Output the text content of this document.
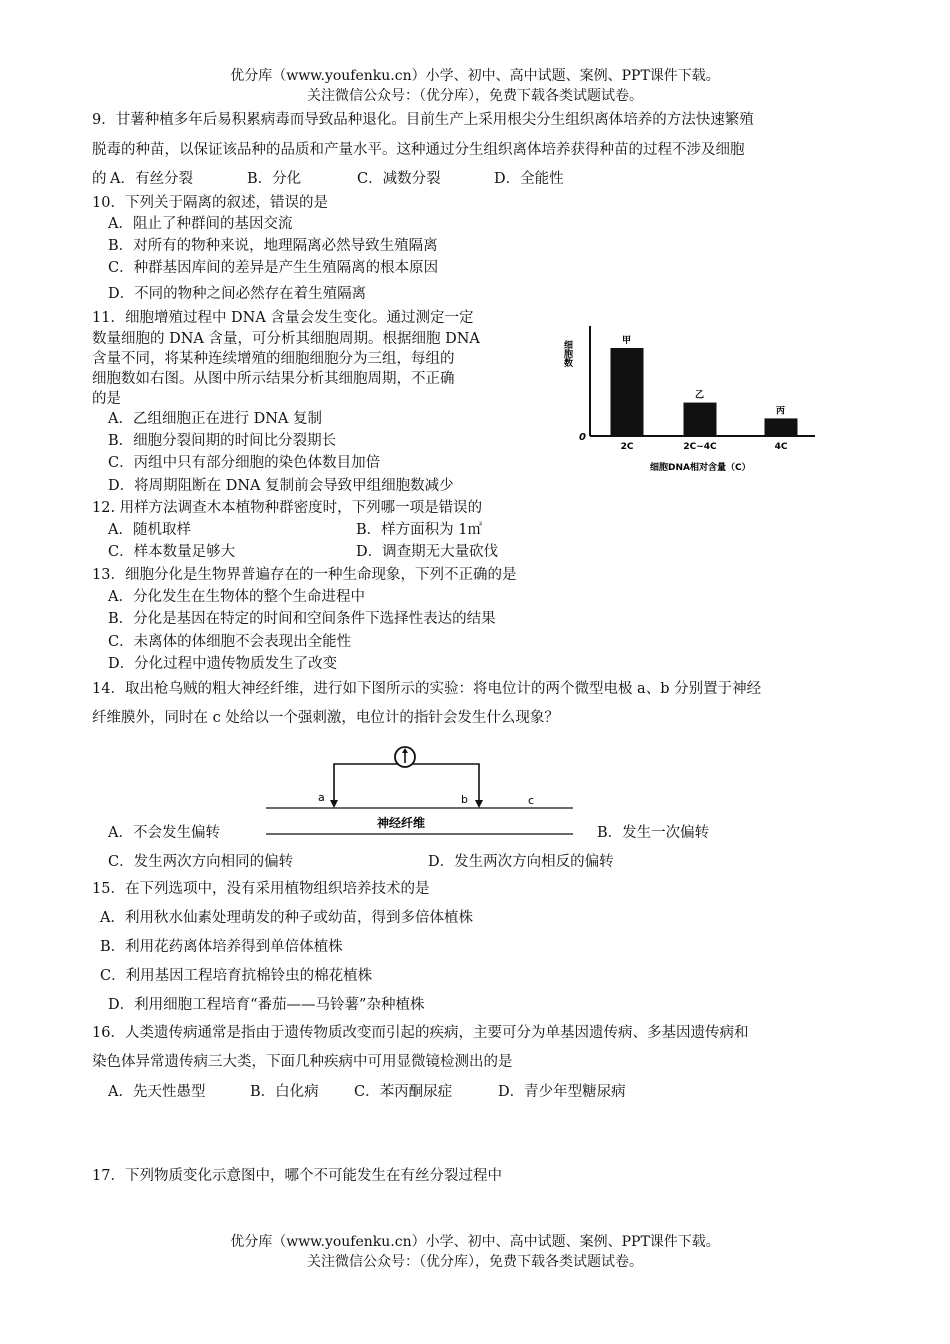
优分库（www.youfenku.cn）小学、初中、高中试题、案例、PPT课件下载。
关注微信公众号：（优分库），免费下载各类试题试卷。
9．甘薯种植多年后易积累病毒而导致品种退化。目前生产上采用根尖分生组织离体培养的方法快速繁殖
脱毒的种苗，以保证该品种的品质和产量水平。这种通过分生组织离体培养获得种苗的过程不涉及细胞
的 A．有丝分裂	B．分化	C．减数分裂	D．全能性
10．下列关于隔离的叙述，错误的是
A．阻止了种群间的基因交流
B．对所有的物种来说，地理隔离必然导致生殖隔离
C．种群基因库间的差异是产生生殖隔离的根本原因
D．不同的物种之间必然存在着生殖隔离
11．细胞增殖过程中 DNA 含量会发生变化。通过测定一定
数量细胞的 DNA 含量，可分析其细胞周期。根据细胞 DNA
含量不同，将某种连续增殖的细胞细胞分为三组，每组的
细胞数如右图。从图中所示结果分析其细胞周期，不正确
的是
A．乙组细胞正在进行 DNA 复制
B．细胞分裂间期的时间比分裂期长
C．丙组中只有部分细胞的染色体数目加倍
D．将周期阻断在 DNA 复制前会导致甲组细胞数减少
细胞数
0
甲
2C
乙
2C~4C
丙
4C
细胞DNA相对含量（C）
12. 用样方法调查木本植物种群密度时，下列哪一项是错误的
A．随机取样	B．样方面积为 1㎡
C．样本数量足够大	D．调查期无大量砍伐
13．细胞分化是生物界普遍存在的一种生命现象，下列不正确的是
A．分化发生在生物体的整个生命进程中
B．分化是基因在特定的时间和空间条件下选择性表达的结果
C．未离体的体细胞不会表现出全能性
D．分化过程中遗传物质发生了改变
14．取出枪乌贼的粗大神经纤维，进行如下图所示的实验：将电位计的两个微型电极 a、b 分别置于神经
纤维膜外，同时在 c 处给以一个强刺激，电位计的指针会发生什么现象？
a	b	c
神经纤维
A．不会发生偏转	B．发生一次偏转
C．发生两次方向相同的偏转	D．发生两次方向相反的偏转
15．在下列选项中，没有采用植物组织培养技术的是
A．利用秋水仙素处理萌发的种子或幼苗，得到多倍体植株
B．利用花药离体培养得到单倍体植株
C．利用基因工程培育抗棉铃虫的棉花植株
D．利用细胞工程培育“番茄——马铃薯”杂种植株
16．人类遗传病通常是指由于遗传物质改变而引起的疾病，主要可分为单基因遗传病、多基因遗传病和
染色体异常遗传病三大类，下面几种疾病中可用显微镜检测出的是
A．先天性愚型	B．白化病 C．苯丙酮尿症	D．青少年型糖尿病
17．下列物质变化示意图中，哪个不可能发生在有丝分裂过程中
优分库（www.youfenku.cn）小学、初中、高中试题、案例、PPT课件下载。
关注微信公众号：（优分库），免费下载各类试题试卷。
